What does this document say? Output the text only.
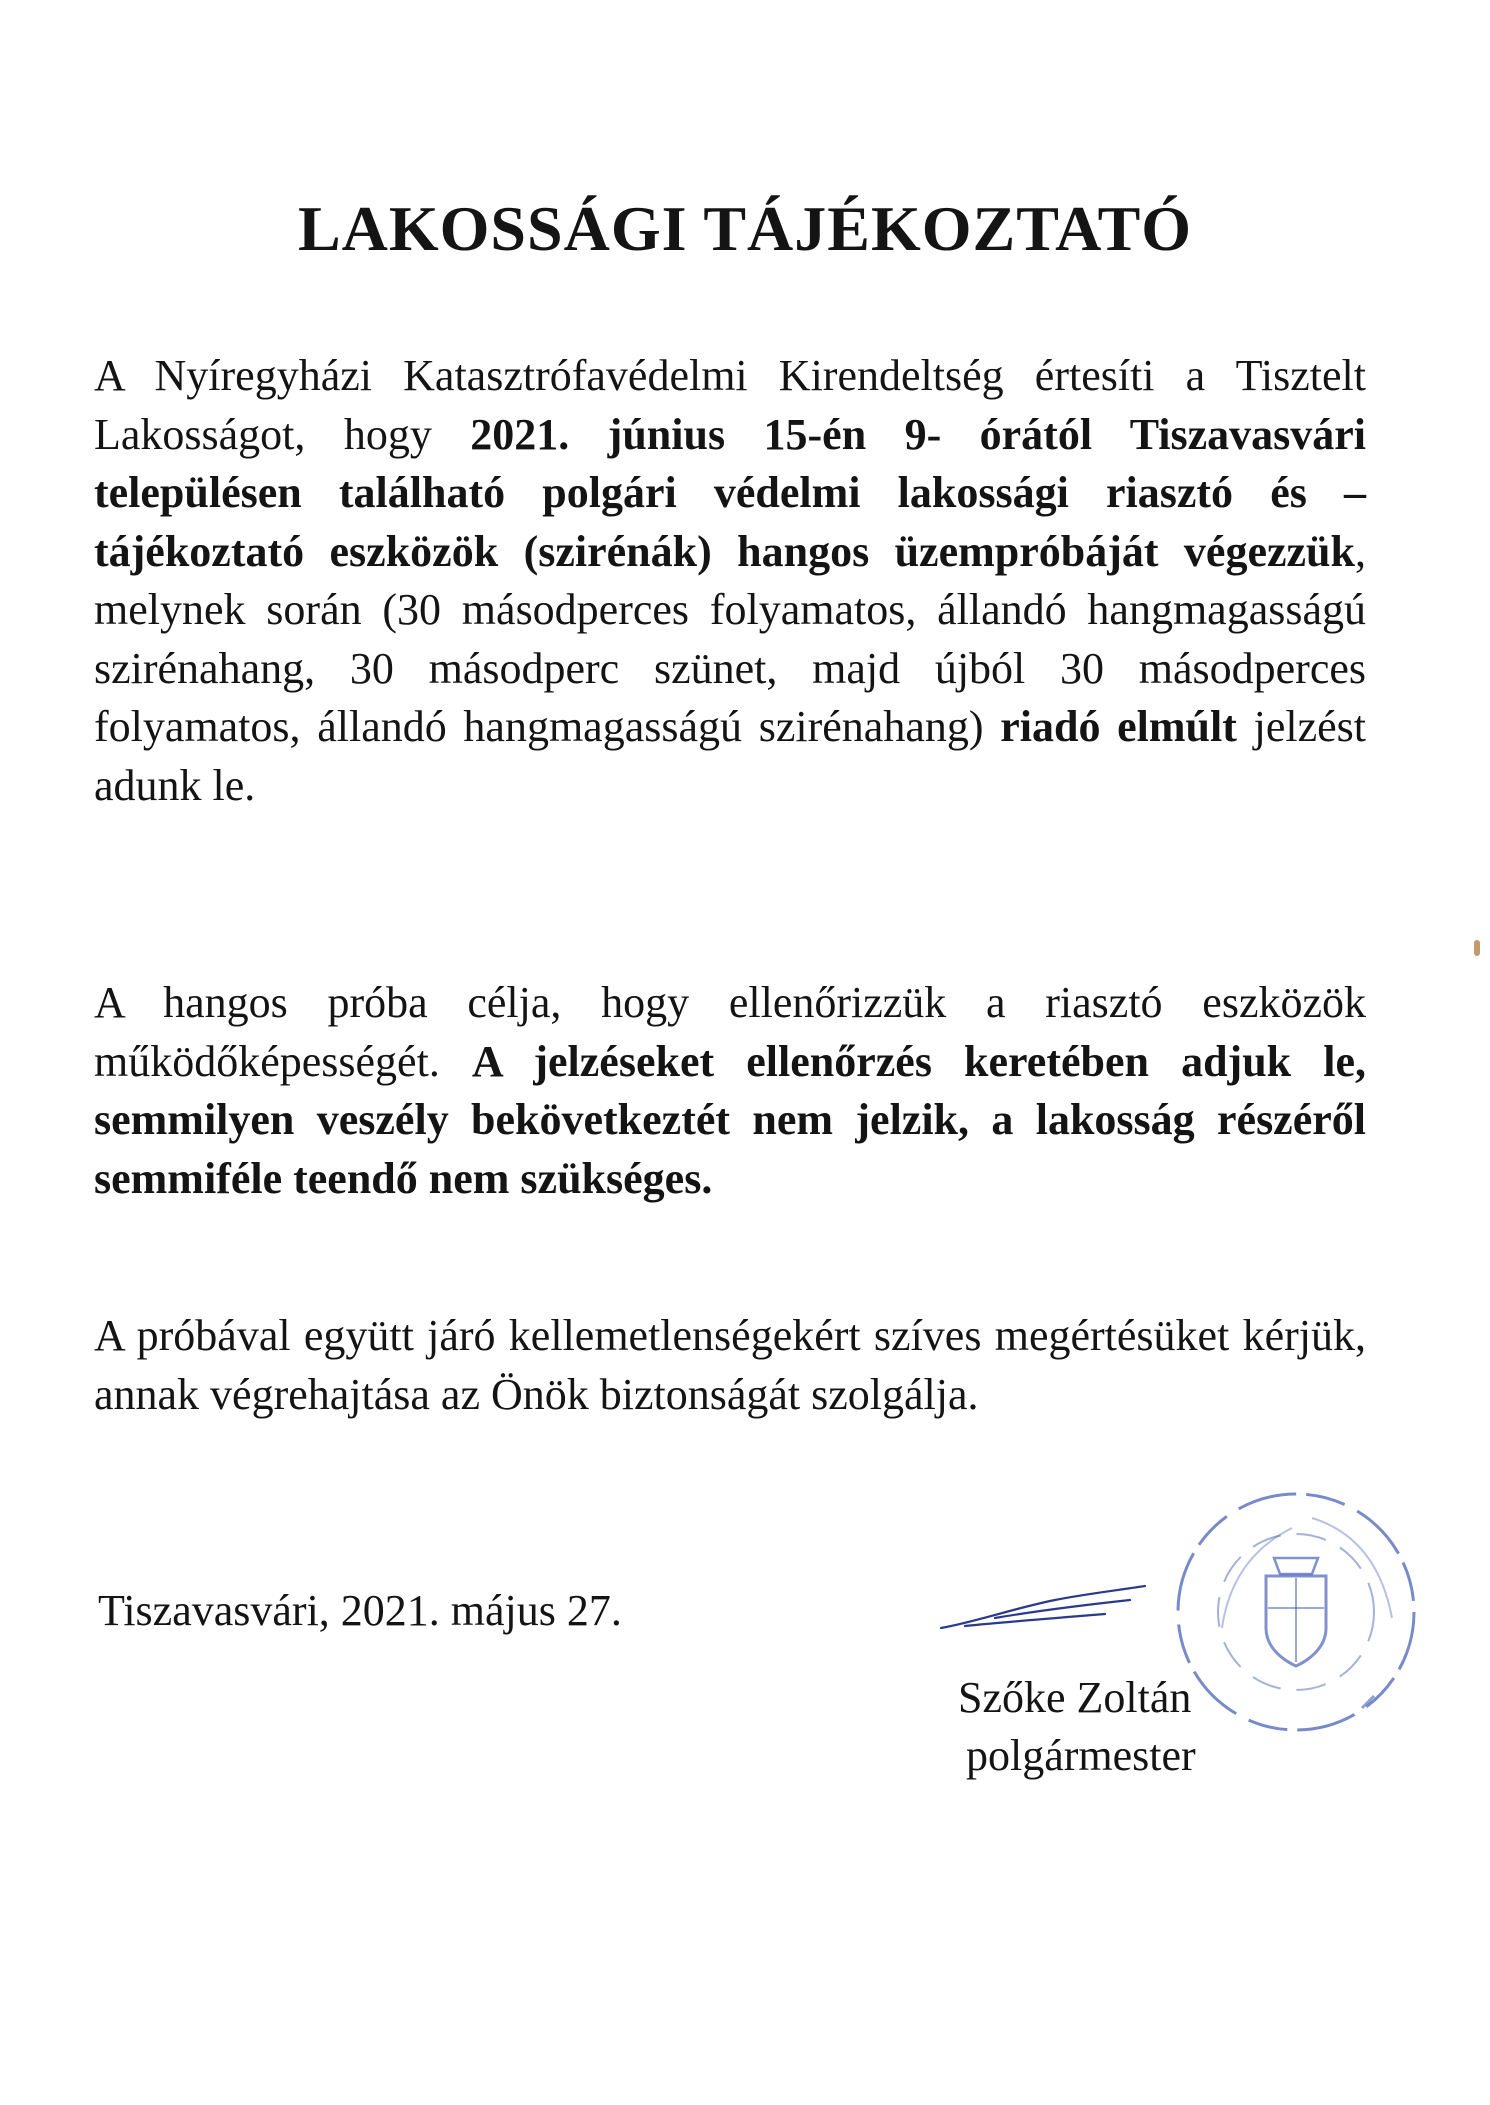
LAKOSSÁGI TÁJÉKOZTATÓ

A Nyíregyházi Katasztrófavédelmi Kirendeltség értesíti a Tisztelt Lakosságot, hogy 2021. június 15-én 9- órától Tiszavasvári településen található polgári védelmi lakossági riasztó és –tájékoztató eszközök (szirénák) hangos üzempróbáját végezzük, melynek során (30 másodperces folyamatos, állandó hangmagasságú szirénahang, 30 másodperc szünet, majd újból 30 másodperces folyamatos, állandó hangmagasságú szirénahang) riadó elmúlt jelzést adunk le.

A hangos próba célja, hogy ellenőrizzük a riasztó eszközök működőképességét. A jelzéseket ellenőrzés keretében adjuk le, semmilyen veszély bekövetkeztét nem jelzik, a lakosság részéről semmiféle teendő nem szükséges.

A próbával együtt járó kellemetlenségekért szíves megértésüket kérjük, annak végrehajtása az Önök biztonságát szolgálja.

Tiszavasvári, 2021. május 27.

Szőke Zoltán
polgármester
